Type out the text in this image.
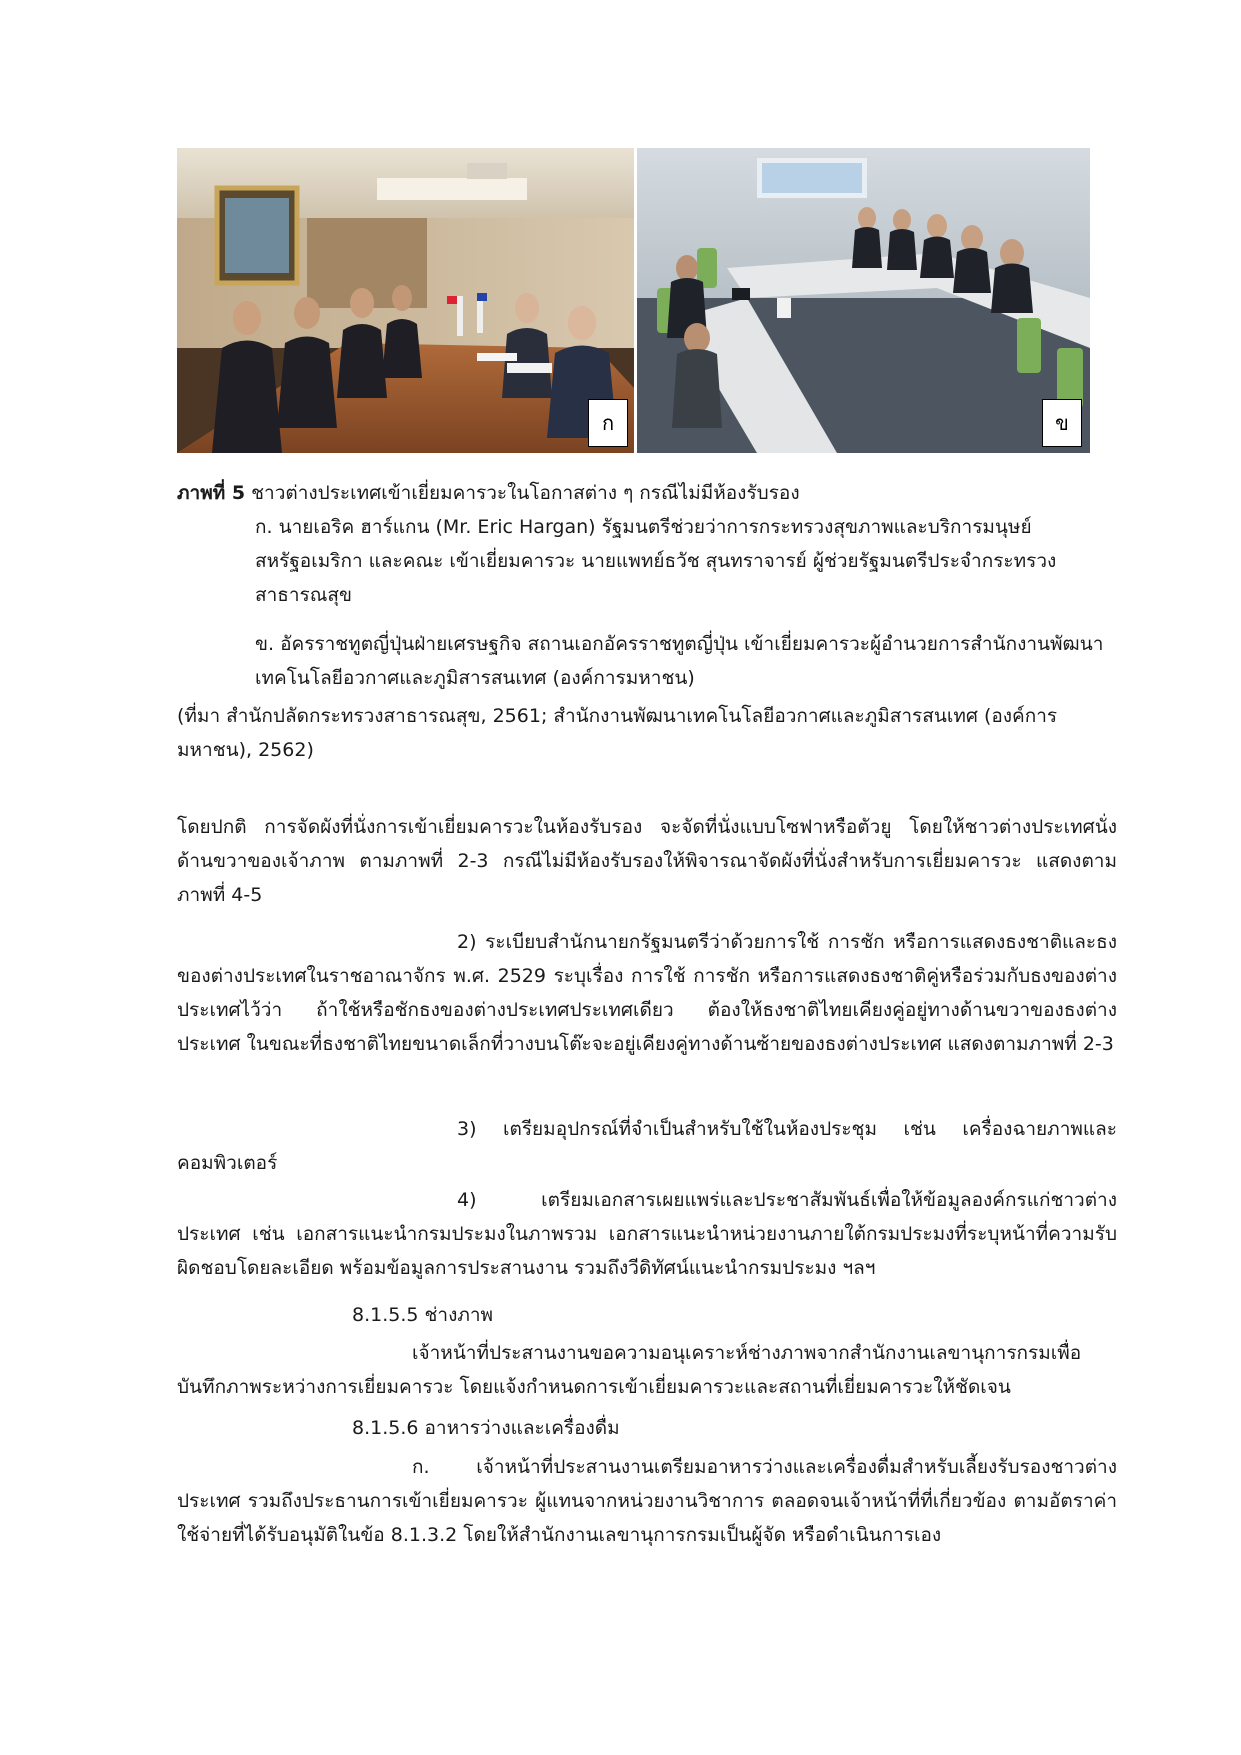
ก	ข
ภาพที่ 5 ชาวต่างประเทศเข้าเยี่ยมคารวะในโอกาสต่าง ๆ กรณีไม่มีห้องรับรอง
ก. นายเอริค ฮาร์แกน (Mr. Eric Hargan) รัฐมนตรีช่วยว่าการกระทรวงสุขภาพและบริการมนุษย์ สหรัฐอเมริกา และคณะ เข้าเยี่ยมคารวะ นายแพทย์ธวัช สุนทราจารย์ ผู้ช่วยรัฐมนตรีประจำกระทรวงสาธารณสุข
ข. อัครราชทูตญี่ปุ่นฝ่ายเศรษฐกิจ สถานเอกอัครราชทูตญี่ปุ่น เข้าเยี่ยมคารวะผู้อำนวยการสำนักงานพัฒนาเทคโนโลยีอวกาศและภูมิสารสนเทศ (องค์การมหาชน)
(ที่มา สำนักปลัดกระทรวงสาธารณสุข, 2561; สำนักงานพัฒนาเทคโนโลยีอวกาศและภูมิสารสนเทศ (องค์การมหาชน), 2562)
โดยปกติ การจัดผังที่นั่งการเข้าเยี่ยมคารวะในห้องรับรอง จะจัดที่นั่งแบบโซฟาหรือตัวยู โดยให้ชาวต่างประเทศนั่งด้านขวาของเจ้าภาพ ตามภาพที่ 2-3 กรณีไม่มีห้องรับรองให้พิจารณาจัดผังที่นั่งสำหรับการเยี่ยมคารวะ แสดงตามภาพที่ 4-5
2) ระเบียบสำนักนายกรัฐมนตรีว่าด้วยการใช้ การชัก หรือการแสดงธงชาติและธงของต่างประเทศในราชอาณาจักร พ.ศ. 2529 ระบุเรื่อง การใช้ การชัก หรือการแสดงธงชาติคู่หรือร่วมกับธงของต่างประเทศไว้ว่า ถ้าใช้หรือชักธงของต่างประเทศประเทศเดียว ต้องให้ธงชาติไทยเคียงคู่อยู่ทางด้านขวาของธงต่างประเทศ ในขณะที่ธงชาติไทยขนาดเล็กที่วางบนโต๊ะจะอยู่เคียงคู่ทางด้านซ้ายของธงต่างประเทศ แสดงตามภาพที่ 2-3
3) เตรียมอุปกรณ์ที่จำเป็นสำหรับใช้ในห้องประชุม เช่น เครื่องฉายภาพและคอมพิวเตอร์
4) เตรียมเอกสารเผยแพร่และประชาสัมพันธ์เพื่อให้ข้อมูลองค์กรแก่ชาวต่างประเทศ เช่น เอกสารแนะนำกรมประมงในภาพรวม เอกสารแนะนำหน่วยงานภายใต้กรมประมงที่ระบุหน้าที่ความรับผิดชอบโดยละเอียด พร้อมข้อมูลการประสานงาน รวมถึงวีดิทัศน์แนะนำกรมประมง ฯลฯ
8.1.5.5 ช่างภาพ
เจ้าหน้าที่ประสานงานขอความอนุเคราะห์ช่างภาพจากสำนักงานเลขานุการกรมเพื่อบันทึกภาพระหว่างการเยี่ยมคารวะ โดยแจ้งกำหนดการเข้าเยี่ยมคารวะและสถานที่เยี่ยมคารวะให้ชัดเจน
8.1.5.6 อาหารว่างและเครื่องดื่ม
ก. เจ้าหน้าที่ประสานงานเตรียมอาหารว่างและเครื่องดื่มสำหรับเลี้ยงรับรองชาวต่างประเทศ รวมถึงประธานการเข้าเยี่ยมคารวะ ผู้แทนจากหน่วยงานวิชาการ ตลอดจนเจ้าหน้าที่ที่เกี่ยวข้อง ตามอัตราค่าใช้จ่ายที่ได้รับอนุมัติในข้อ 8.1.3.2 โดยให้สำนักงานเลขานุการกรมเป็นผู้จัด หรือดำเนินการเอง
